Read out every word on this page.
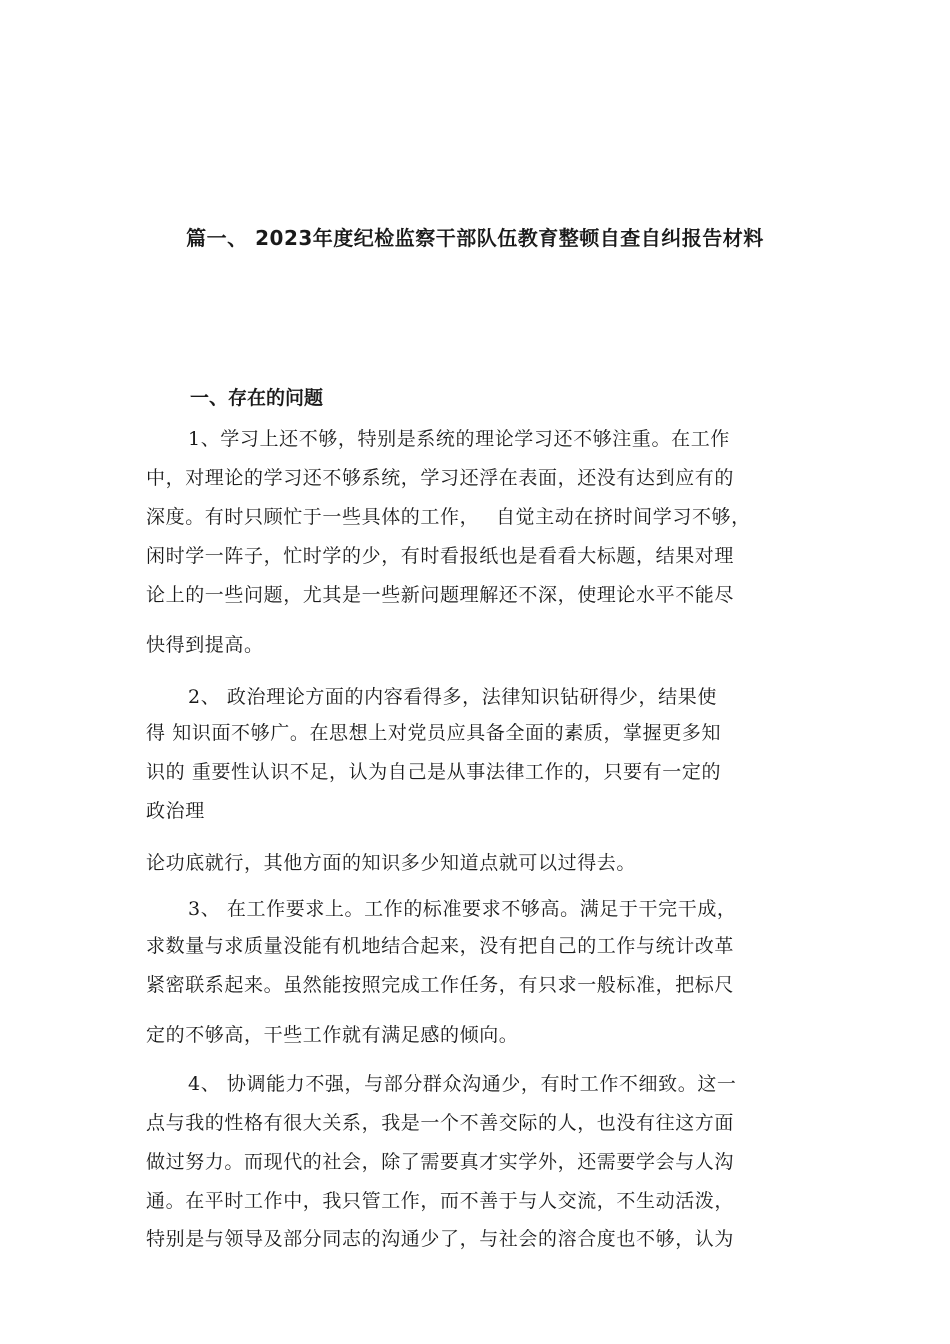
篇一、 2023年度纪检监察干部队伍教育整顿自查自纠报告材料
一、存在的问题
1、学习上还不够，特别是系统的理论学习还不够注重。在工作
中，对理论的学习还不够系统，学习还浮在表面，还没有达到应有的
深度。有时只顾忙于一些具体的工作，　 自觉主动在挤时间学习不够，
闲时学一阵子，忙时学的少，有时看报纸也是看看大标题，结果对理
论上的一些问题，尤其是一些新问题理解还不深，使理论水平不能尽
快得到提高。
2、 政治理论方面的内容看得多，法律知识钻研得少，结果使
得 知识面不够广。在思想上对党员应具备全面的素质，掌握更多知
识的 重要性认识不足，认为自己是从事法律工作的，只要有一定的
政治理
论功底就行，其他方面的知识多少知道点就可以过得去。
3、 在工作要求上。工作的标准要求不够高。满足于干完干成，
求数量与求质量没能有机地结合起来，没有把自己的工作与统计改革
紧密联系起来。虽然能按照完成工作任务，有只求一般标准，把标尺
定的不够高，干些工作就有满足感的倾向。
4、 协调能力不强，与部分群众沟通少，有时工作不细致。这一
点与我的性格有很大关系，我是一个不善交际的人，也没有往这方面
做过努力。而现代的社会，除了需要真才实学外，还需要学会与人沟
通。在平时工作中，我只管工作，而不善于与人交流，不生动活泼，
特别是与领导及部分同志的沟通少了，与社会的溶合度也不够，认为
